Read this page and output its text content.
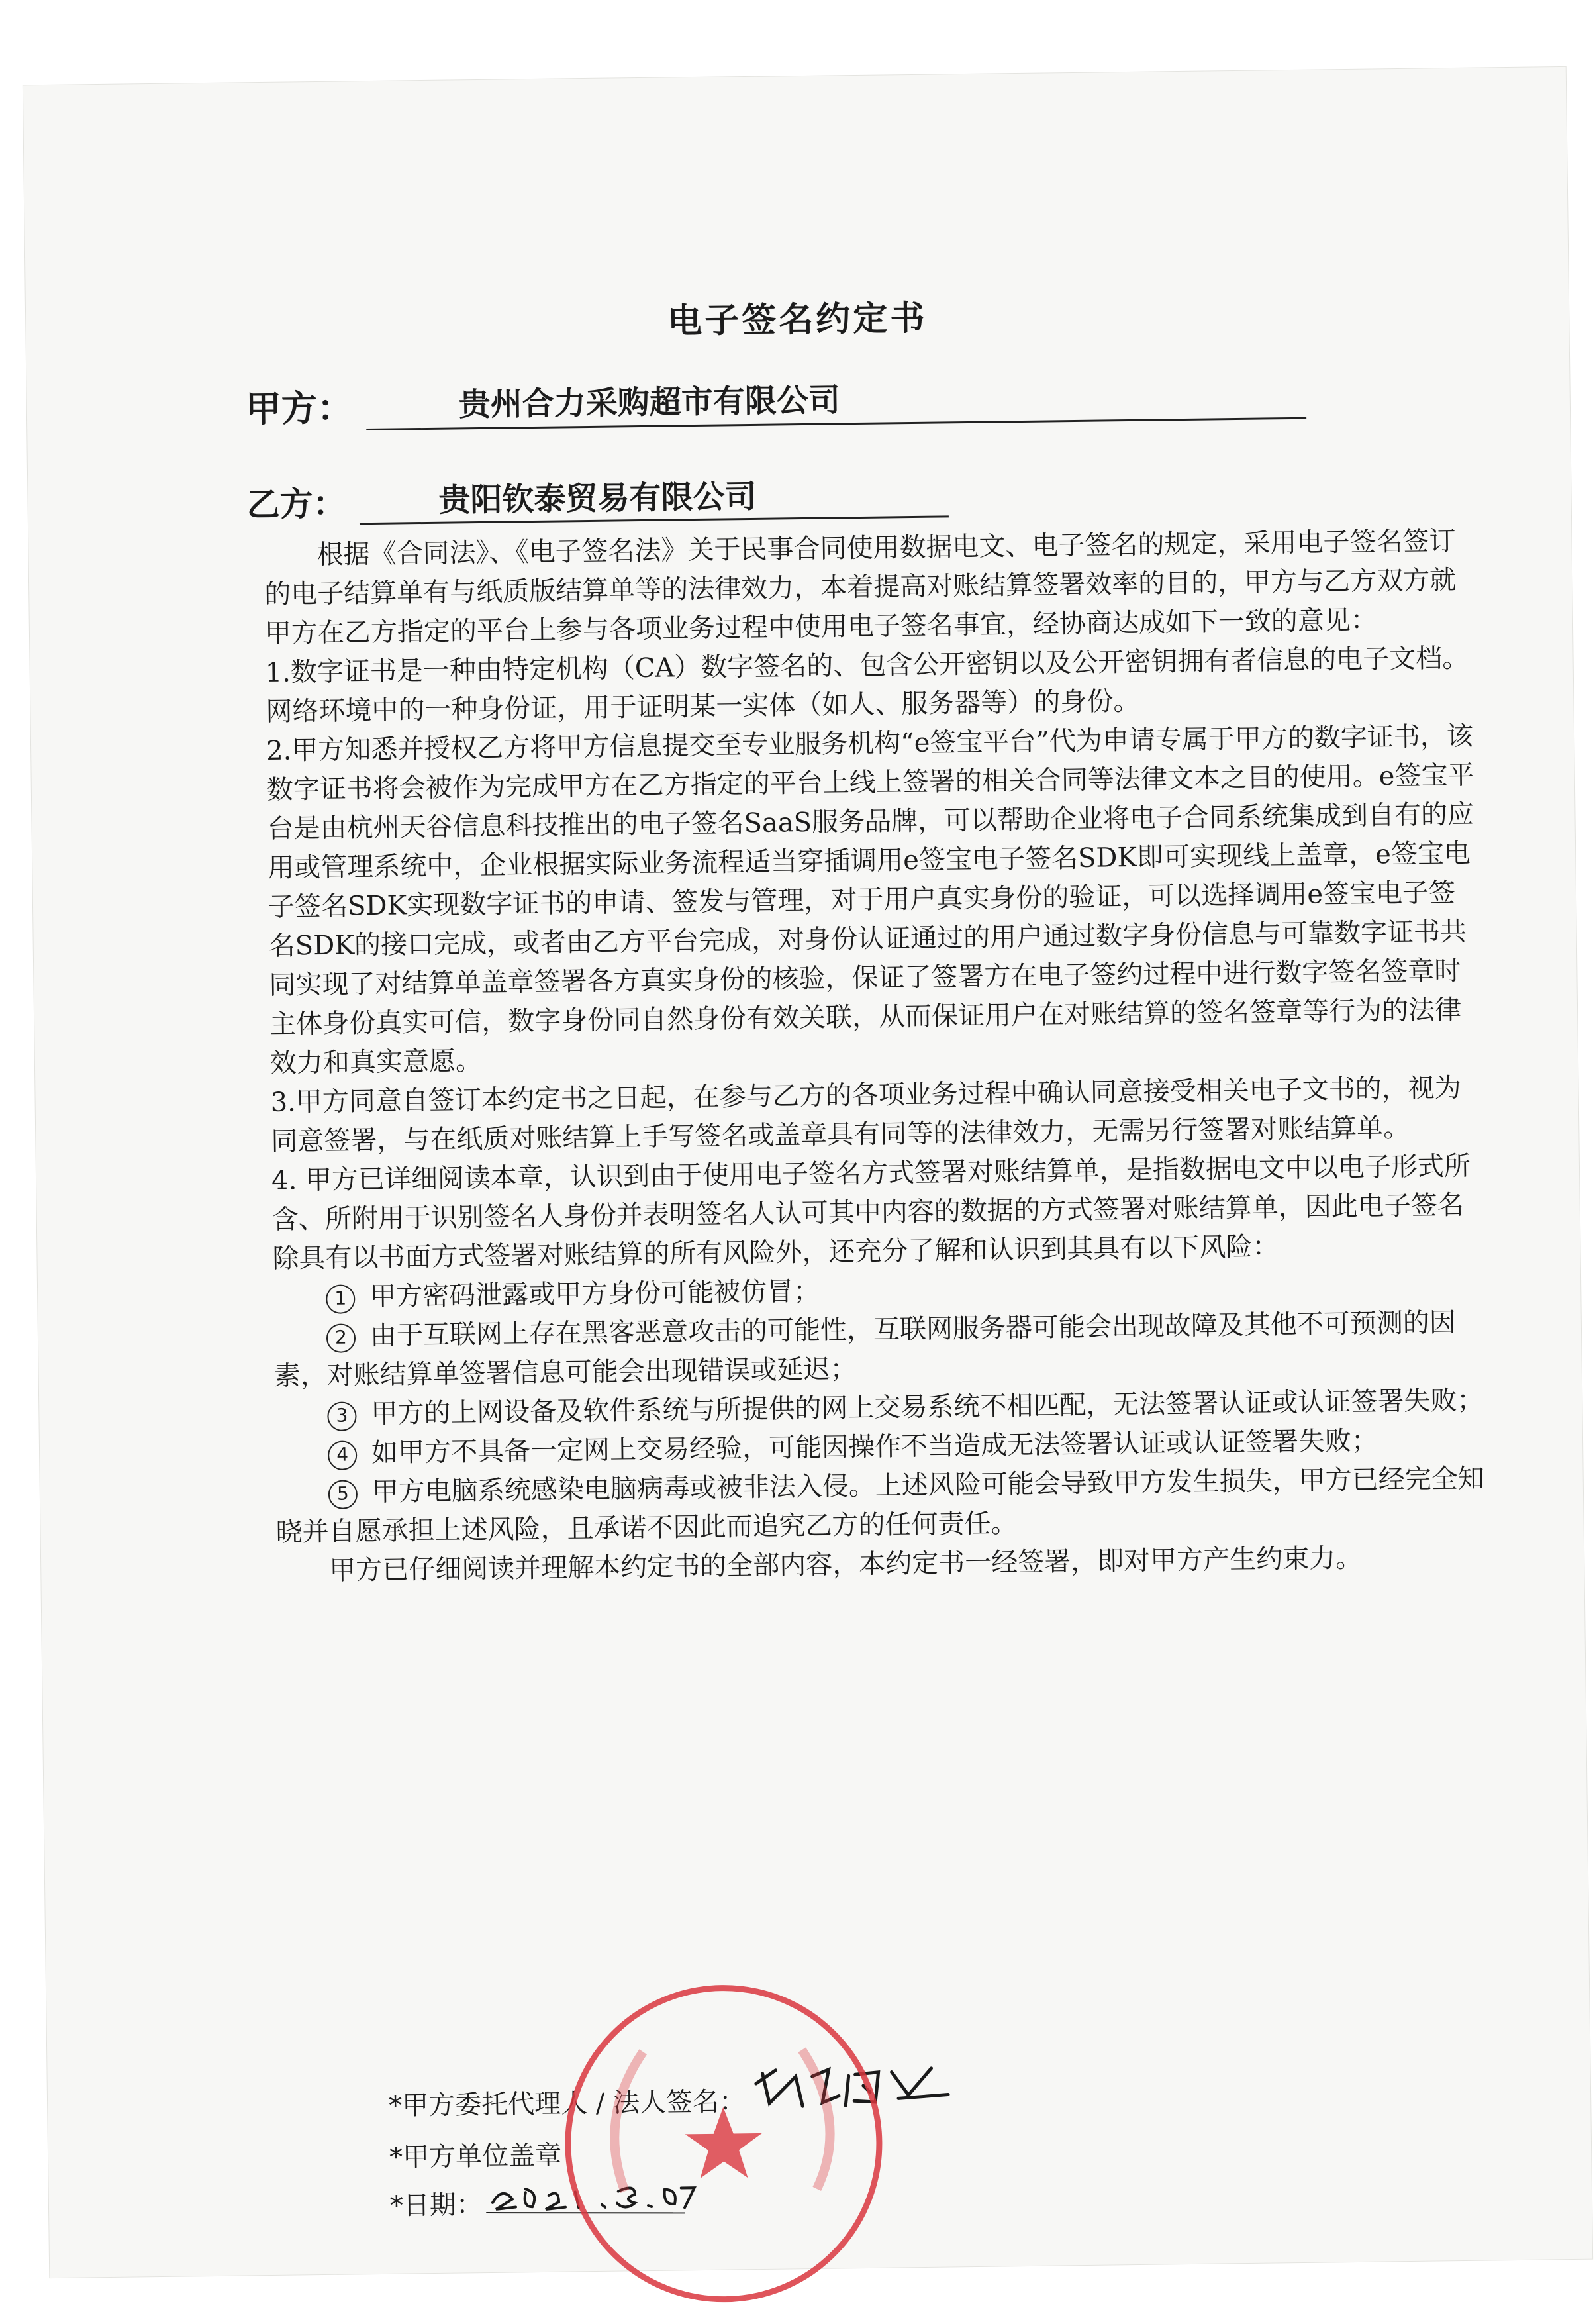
电子签名约定书
甲方：	贵州合力采购超市有限公司
乙方：	贵阳钦泰贸易有限公司

根据《合同法》、《电子签名法》关于民事合同使用数据电文、电子签名的规定，采用电子签名签订的电子结算单有与纸质版结算单等的法律效力，本着提高对账结算签署效率的目的，甲方与乙方双方就甲方在乙方指定的平台上参与各项业务过程中使用电子签名事宜，经协商达成如下一致的意见：

1.数字证书是一种由特定机构（CA）数字签名的、包含公开密钥以及公开密钥拥有者信息的电子文档。网络环境中的一种身份证，用于证明某一实体（如人、服务器等）的身份。

2.甲方知悉并授权乙方将甲方信息提交至专业服务机构“e签宝平台”代为申请专属于甲方的数字证书，该数字证书将会被作为完成甲方在乙方指定的平台上线上签署的相关合同等法律文本之目的使用。e签宝平台是由杭州天谷信息科技推出的电子签名SaaS服务品牌，可以帮助企业将电子合同系统集成到自有的应用或管理系统中，企业根据实际业务流程适当穿插调用e签宝电子签名SDK即可实现线上盖章，e签宝电子签名SDK实现数字证书的申请、签发与管理，对于用户真实身份的验证，可以选择调用e签宝电子签名SDK的接口完成，或者由乙方平台完成，对身份认证通过的用户通过数字身份信息与可靠数字证书共同实现了对结算单盖章签署各方真实身份的核验，保证了签署方在电子签约过程中进行数字签名签章时主体身份真实可信，数字身份同自然身份有效关联，从而保证用户在对账结算的签名签章等行为的法律效力和真实意愿。

3.甲方同意自签订本约定书之日起，在参与乙方的各项业务过程中确认同意接受相关电子文书的，视为同意签署，与在纸质对账结算上手写签名或盖章具有同等的法律效力，无需另行签署对账结算单。

4. 甲方已详细阅读本章，认识到由于使用电子签名方式签署对账结算单，是指数据电文中以电子形式所含、所附用于识别签名人身份并表明签名人认可其中内容的数据的方式签署对账结算单，因此电子签名除具有以书面方式签署对账结算的所有风险外，还充分了解和认识到其具有以下风险：

1 甲方密码泄露或甲方身份可能被仿冒；

2 由于互联网上存在黑客恶意攻击的可能性，互联网服务器可能会出现故障及其他不可预测的因素，对账结算单签署信息可能会出现错误或延迟；

3 甲方的上网设备及软件系统与所提供的网上交易系统不相匹配，无法签署认证或认证签署失败；

4 如甲方不具备一定网上交易经验，可能因操作不当造成无法签署认证或认证签署失败；

5 甲方电脑系统感染电脑病毒或被非法入侵。上述风险可能会导致甲方发生损失，甲方已经完全知晓并自愿承担上述风险，且承诺不因此而追究乙方的任何责任。

甲方已仔细阅读并理解本约定书的全部内容，本约定书一经签署，即对甲方产生约束力。

*甲方委托代理人 / 法人签名：
*甲方单位盖章
*日期：
